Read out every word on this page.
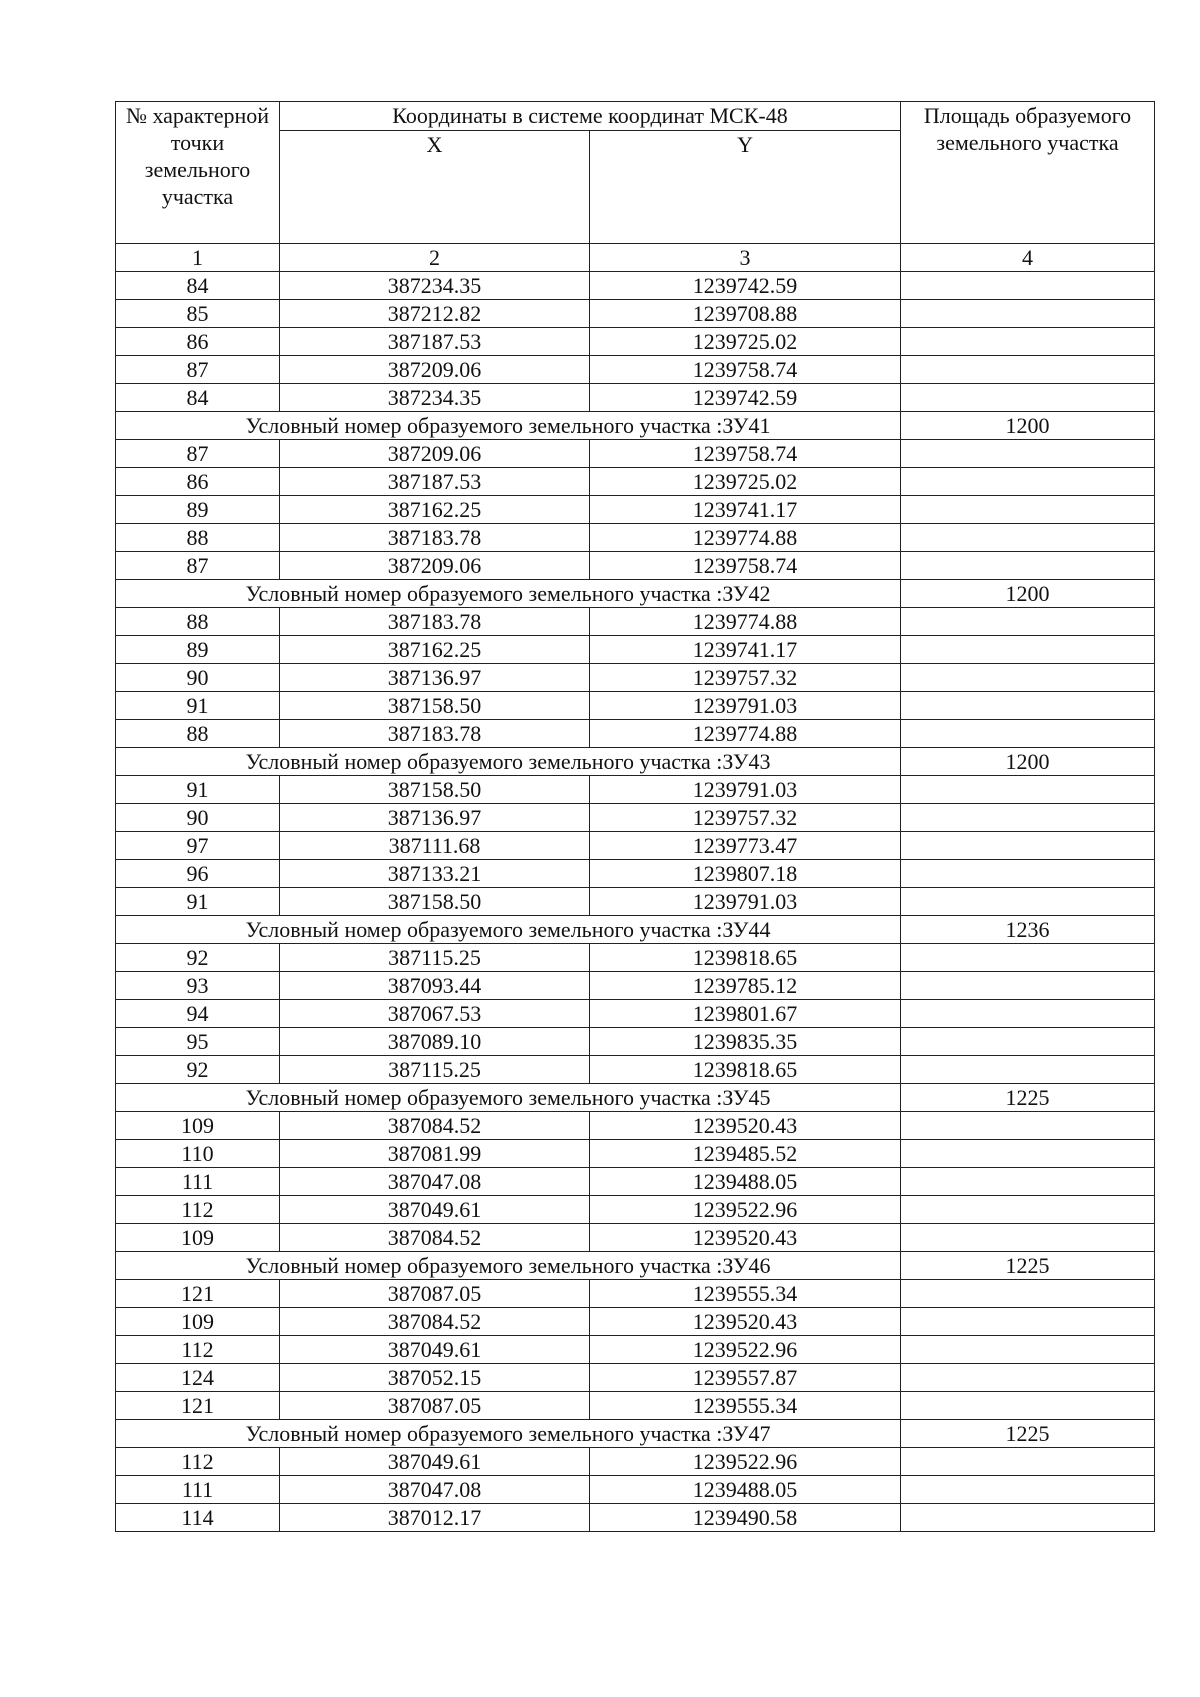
№ характерной точки земельного участка	Координаты в системе координат МСК-48		Площадь образуемого земельного участка
	X	Y	
1	2	3	4
84	387234.35	1239742.59	
85	387212.82	1239708.88	
86	387187.53	1239725.02	
87	387209.06	1239758.74	
84	387234.35	1239742.59	
Условный номер образуемого земельного участка :ЗУ41			1200
87	387209.06	1239758.74	
86	387187.53	1239725.02	
89	387162.25	1239741.17	
88	387183.78	1239774.88	
87	387209.06	1239758.74	
Условный номер образуемого земельного участка :ЗУ42			1200
88	387183.78	1239774.88	
89	387162.25	1239741.17	
90	387136.97	1239757.32	
91	387158.50	1239791.03	
88	387183.78	1239774.88	
Условный номер образуемого земельного участка :ЗУ43			1200
91	387158.50	1239791.03	
90	387136.97	1239757.32	
97	387111.68	1239773.47	
96	387133.21	1239807.18	
91	387158.50	1239791.03	
Условный номер образуемого земельного участка :ЗУ44			1236
92	387115.25	1239818.65	
93	387093.44	1239785.12	
94	387067.53	1239801.67	
95	387089.10	1239835.35	
92	387115.25	1239818.65	
Условный номер образуемого земельного участка :ЗУ45			1225
109	387084.52	1239520.43	
110	387081.99	1239485.52	
111	387047.08	1239488.05	
112	387049.61	1239522.96	
109	387084.52	1239520.43	
Условный номер образуемого земельного участка :ЗУ46			1225
121	387087.05	1239555.34	
109	387084.52	1239520.43	
112	387049.61	1239522.96	
124	387052.15	1239557.87	
121	387087.05	1239555.34	
Условный номер образуемого земельного участка :ЗУ47			1225
112	387049.61	1239522.96	
111	387047.08	1239488.05	
114	387012.17	1239490.58	
